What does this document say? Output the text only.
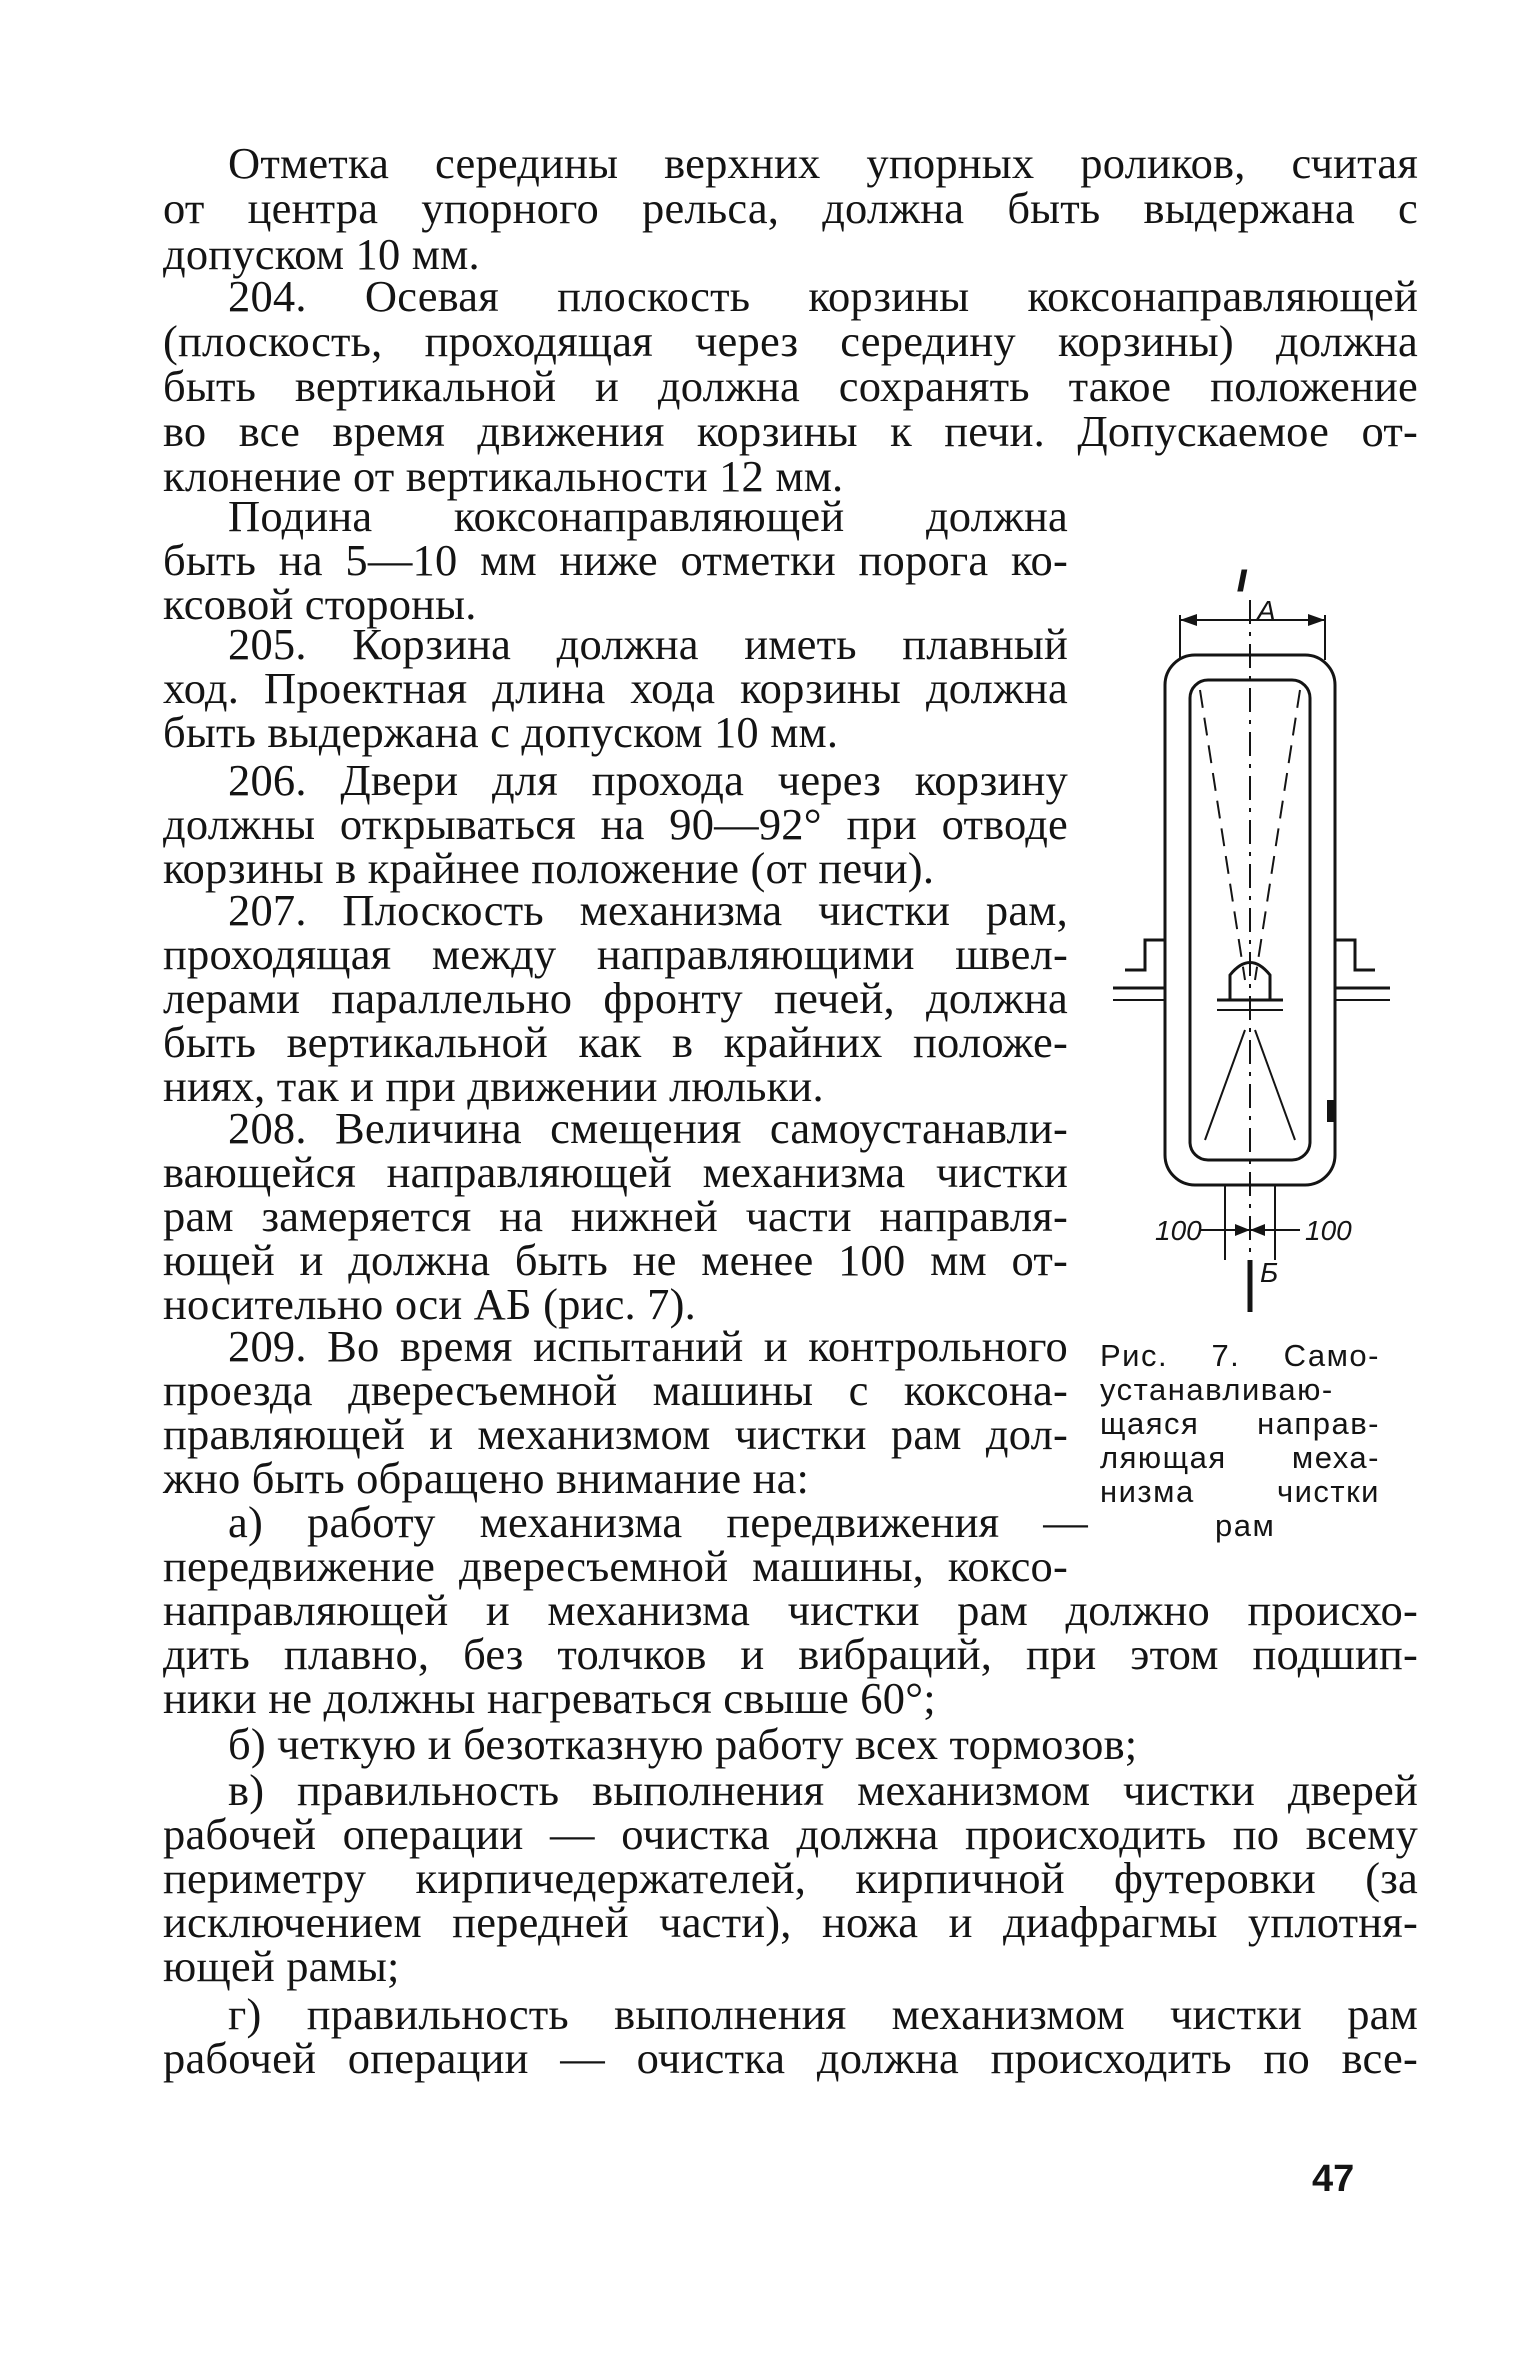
Отметка середины верхних упорных роликов, считая
от центра упорного рельса, должна быть выдержана с
допуском 10 мм.
204. Осевая плоскость корзины коксонаправляющей
(плоскость, проходящая через середину корзины) должна
быть вертикальной и должна сохранять такое положение
во все время движения корзины к печи. Допускаемое от-
клонение от вертикальности 12 мм.
Подина коксонаправляющей должна
быть на 5—10 мм ниже отметки порога ко-
ксовой стороны.
205. Корзина должна иметь плавный
ход. Проектная длина хода корзины должна
быть выдержана с допуском 10 мм.
206. Двери для прохода через корзину
должны открываться на 90—92° при отводе
корзины в крайнее положение (от печи).
207. Плоскость механизма чистки рам,
проходящая между направляющими швел-
лерами параллельно фронту печей, должна
быть вертикальной как в крайних положе-
ниях, так и при движении люльки.
208. Величина смещения самоустанавли-
вающейся направляющей механизма чистки
рам замеряется на нижней части направля-
ющей и должна быть не менее 100 мм от-
носительно оси АБ (рис. 7).
209. Во время испытаний и контрольного
проезда двересъемной машины с коксона-
правляющей и механизмом чистки рам дол-
жно быть обращено внимание на:
а) работу механизма передвижения —
передвижение двересъемной машины, коксо-
направляющей и механизма чистки рам должно происхо-
дить плавно, без толчков и вибраций, при этом подшип-
ники не должны нагреваться свыше 60°;
б) четкую и безотказную работу всех тормозов;
в) правильность выполнения механизмом чистки дверей
рабочей операции — очистка должна происходить по всему
периметру кирпичедержателей, кирпичной футеровки (за
исключением передней части), ножа и диафрагмы уплотня-
ющей рамы;
г) правильность выполнения механизмом чистки рам
рабочей операции — очистка должна происходить по все-
I
А
100	100
Б
Рис. 7. Само-
устанавливаю-
щаяся направ-
ляющая меха-
низма чистки
рам
47
